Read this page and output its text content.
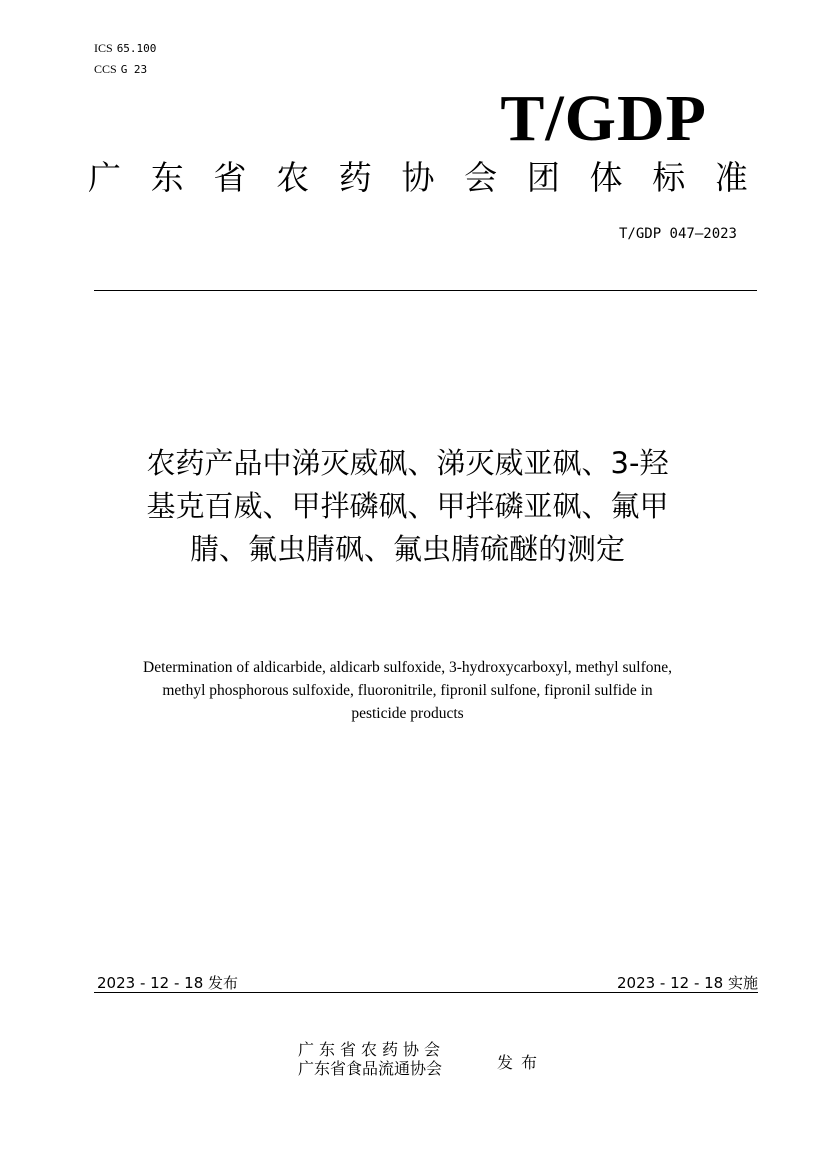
ICS 65.100
CCS G 23
T/GDP
广 东 省 农 药 协 会 团 体 标 准
T/GDP 047—2023
农药产品中涕灭威砜、涕灭威亚砜、3-羟
基克百威、甲拌磷砜、甲拌磷亚砜、氟甲
腈、氟虫腈砜、氟虫腈硫醚的测定
Determination of aldicarbide, aldicarb sulfoxide, 3-hydroxycarboxyl, methyl sulfone,
methyl phosphorous sulfoxide, fluoronitrile, fipronil sulfone, fipronil sulfide in
pesticide products
2023 - 12 - 18 发布	2023 - 12 - 18 实施
广东省农药协会
广东省食品流通协会	发布
